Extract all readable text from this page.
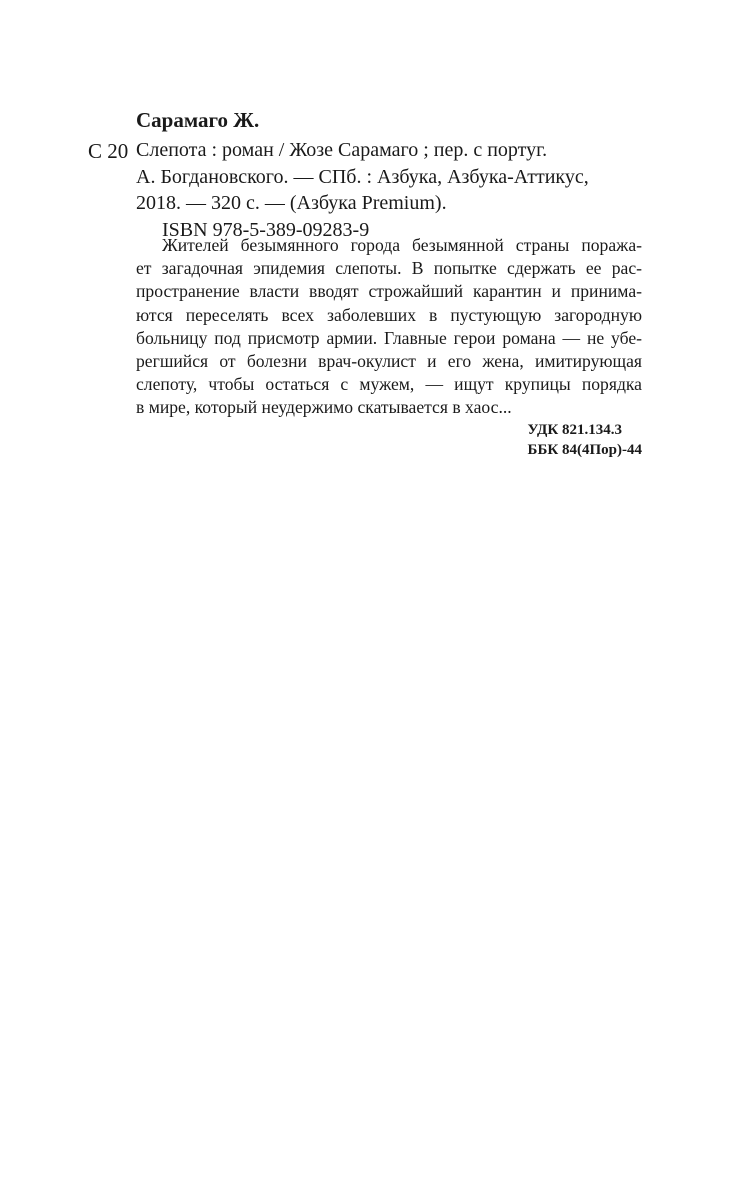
Сарамаго Ж.

С 20 Слепота : роман / Жозе Сарамаго ; пер. с португ.
А. Богдановского. — СПб. : Азбука, Азбука-Аттикус,
2018. — 320 с. — (Азбука Premium).
ISBN 978-5-389-09283-9
Жителей безымянного города безымянной страны поража-
ет загадочная эпидемия слепоты. В попытке сдержать ее рас-
пространение власти вводят строжайший карантин и принима-
ются переселять всех заболевших в пустующую загородную
больницу под присмотр армии. Главные герои романа — не убе-
регшийся от болезни врач-окулист и его жена, имитирующая
слепоту, чтобы остаться с мужем, — ищут крупицы порядка
в мире, который неудержимо скатывается в хаос...
УДК 821.134.3
ББК 84(4Пор)-44
